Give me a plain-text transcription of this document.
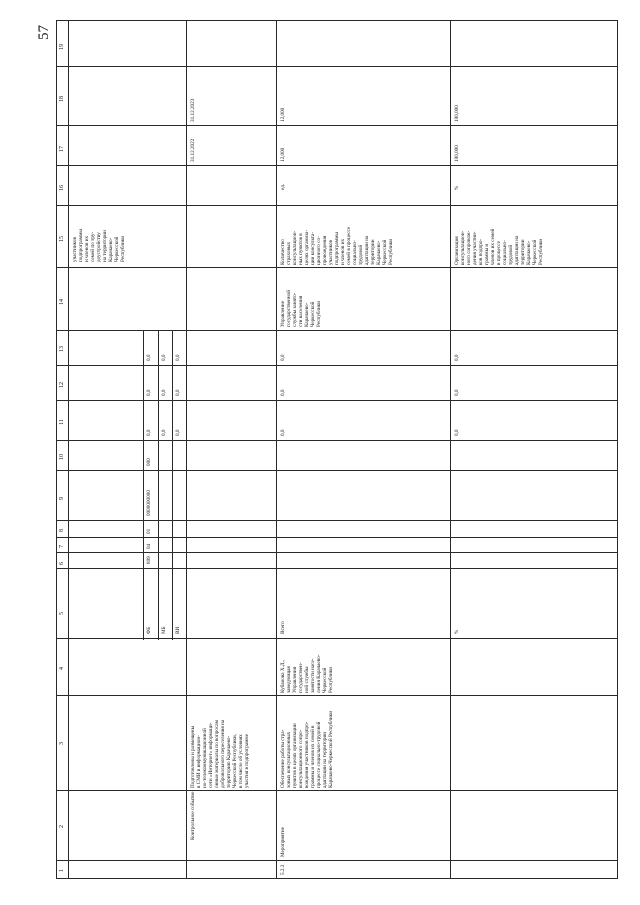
57
19
18
17
16
15
14
13
12
11
10
9
8
7
6
5
4
3
2
1
участников подпрограммы и членов их семей по тру- доустройству на территории Карачаево- Черкесской Республики
ФБ
809
04
01
0000000000
000
0,0
0,0
0,0
МБ
0,0
0,0
0,0
ВИ
0,0
0,0
0,0
Контрольное событие
Подготовлены и размещены в СМИ в информацион- но-телекоммуникационной сети «Интернет» информаци- онные материалы по вопросам добровольного переселения на территорию Карачаево- Черкесской Республики, в том числе об условиях участия в подпрограмме
31.12.2022
31.12.2023
5.2.3
Мероприятие
Обеспечение работы стра- ховых консультационных пунктов в целях организации консультационного сопро- вождения участников подпро- граммы и членов их семей в процессе социально-трудовой адаптации на территории Карачаево-Черкесской Республики
Кубанова Х.Д., заведующая Управления государствен- ной службы занятости насе- ления Карачаево- Черкесской Республики
Всего
0,0
0,0
0,0
Управление государственной службы занято- сти населения Карачаево- Черкесской Республики
Количество страховых консультацион- ных пунктов в целях организа- ции консульта- ционного со- провождения участников подпрограммы и членов их семей в процессе социально- трудовой адаптации на территории Карачаево- Черкесской Республики
ед.
12,000
12,000
%
0,0
0,0
0,0
Организация консультацион- ного сопровож- дения участни- ков подпро- граммы и членов их семей в процессе социально- трудовой адаптации на территории Карачаево- Черкесской Республики
%
100,000
100,000
